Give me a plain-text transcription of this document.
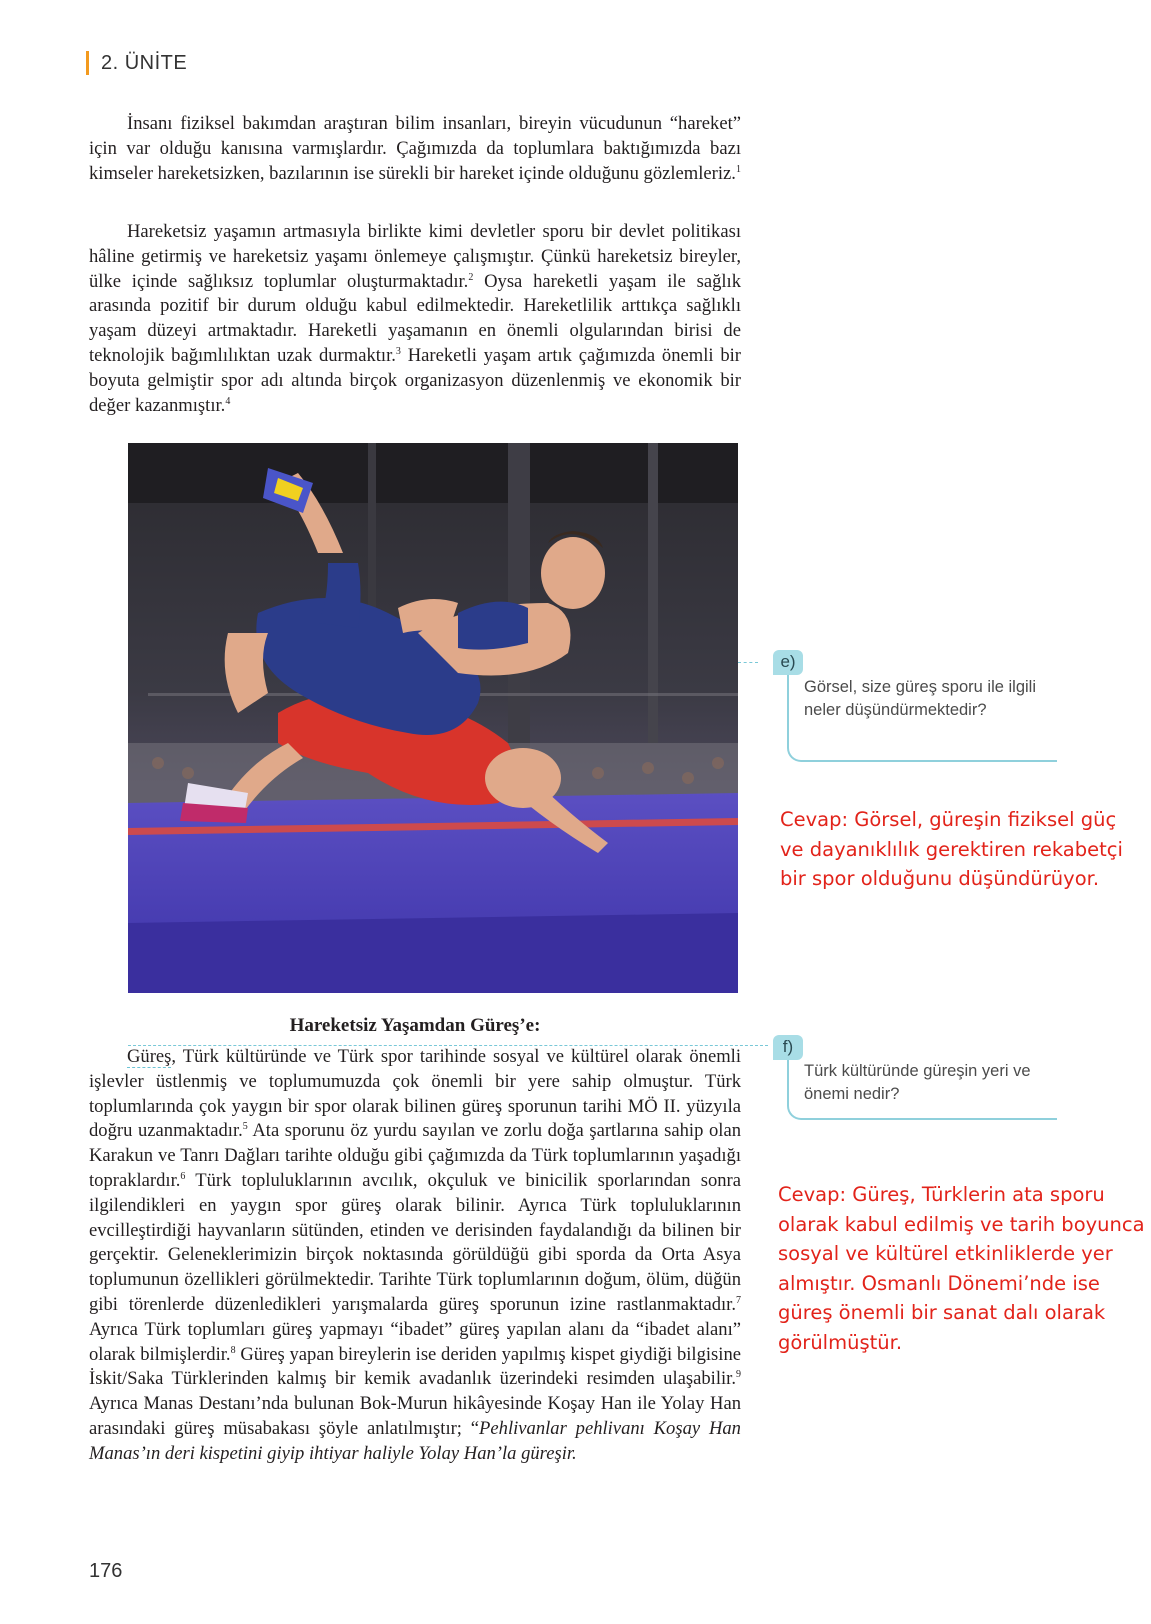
2. ÜNİTE

İnsanı fiziksel bakımdan araştıran bilim insanları, bireyin vücudunun “hareket” için var olduğu kanısına varmışlardır. Çağımızda da toplumlara baktığımızda bazı kimseler hareketsizken, bazılarının ise sürekli bir hareket içinde olduğunu gözlemleriz.$^1$

Hareketsiz yaşamın artmasıyla birlikte kimi devletler sporu bir devlet politikası hâline getirmiş ve hareketsiz yaşamı önlemeye çalışmıştır. Çünkü hareketsiz bireyler, ülke içinde sağlıksız toplumlar oluşturmaktadır.$^2$ Oysa hareketli yaşam ile sağlık arasında pozitif bir durum olduğu kabul edilmektedir. Hareketlilik arttıkça sağlıklı yaşam düzeyi artmaktadır. Hareketli yaşamanın en önemli olgularından birisi de teknolojik bağımlılıktan uzak durmaktır.$^3$ Hareketli yaşam artık çağımızda önemli bir boyuta gelmiştir spor adı altında birçok organizasyon düzenlenmiş ve ekonomik bir değer kazanmıştır.$^4$

e)
Görsel, size güreş sporu ile ilgili neler düşündürmektedir?
Cevap: Görsel, güreşin fiziksel güç ve dayanıklılık gerektiren rekabetçi bir spor olduğunu düşündürüyor.

Hareketsiz Yaşamdan Güreş’e:

Güreş, Türk kültüründe ve Türk spor tarihinde sosyal ve kültürel olarak önemli işlevler üstlenmiş ve toplumumuzda çok önemli bir yere sahip olmuştur. Türk toplumlarında çok yaygın bir spor olarak bilinen güreş sporunun tarihi MÖ II. yüzyıla doğru uzanmaktadır.$^5$ Ata sporunu öz yurdu sayılan ve zorlu doğa şartlarına sahip olan Karakun ve Tanrı Dağları tarihte olduğu gibi çağımızda da Türk toplumlarının yaşadığı topraklardır.$^6$ Türk topluluklarının avcılık, okçuluk ve binicilik sporlarından sonra ilgilendikleri en yaygın spor güreş olarak bilinir. Ayrıca Türk topluluklarının evcilleştirdiği hayvanların sütünden, etinden ve derisinden faydalandığı da bilinen bir gerçektir. Geleneklerimizin birçok noktasında görüldüğü gibi sporda da Orta Asya toplumunun özellikleri görülmektedir. Tarihte Türk toplumlarının doğum, ölüm, düğün gibi törenlerde düzenledikleri yarışmalarda güreş sporunun izine rastlanmaktadır.$^7$ Ayrıca Türk toplumları güreş yapmayı “ibadet” güreş yapılan alanı da “ibadet alanı” olarak bilmişlerdir.$^8$ Güreş yapan bireylerin ise deriden yapılmış kispet giydiği bilgisine İskit/Saka Türklerinden kalmış bir kemik avadanlık üzerindeki resimden ulaşabilir.$^9$ Ayrıca Manas Destanı’nda bulunan Bok-Murun hikâyesinde Koşay Han ile Yolay Han arasındaki güreş müsabakası şöyle anlatılmıştır; “Pehlivanlar pehlivanı Koşay Han Manas’ın deri kispetini giyip ihtiyar haliyle Yolay Han’la güreşir.

f)
Türk kültüründe güreşin yeri ve önemi nedir?
Cevap: Güreş, Türklerin ata sporu olarak kabul edilmiş ve tarih boyunca sosyal ve kültürel etkinliklerde yer almıştır. Osmanlı Dönemi’nde ise güreş önemli bir sanat dalı olarak görülmüştür.
176
